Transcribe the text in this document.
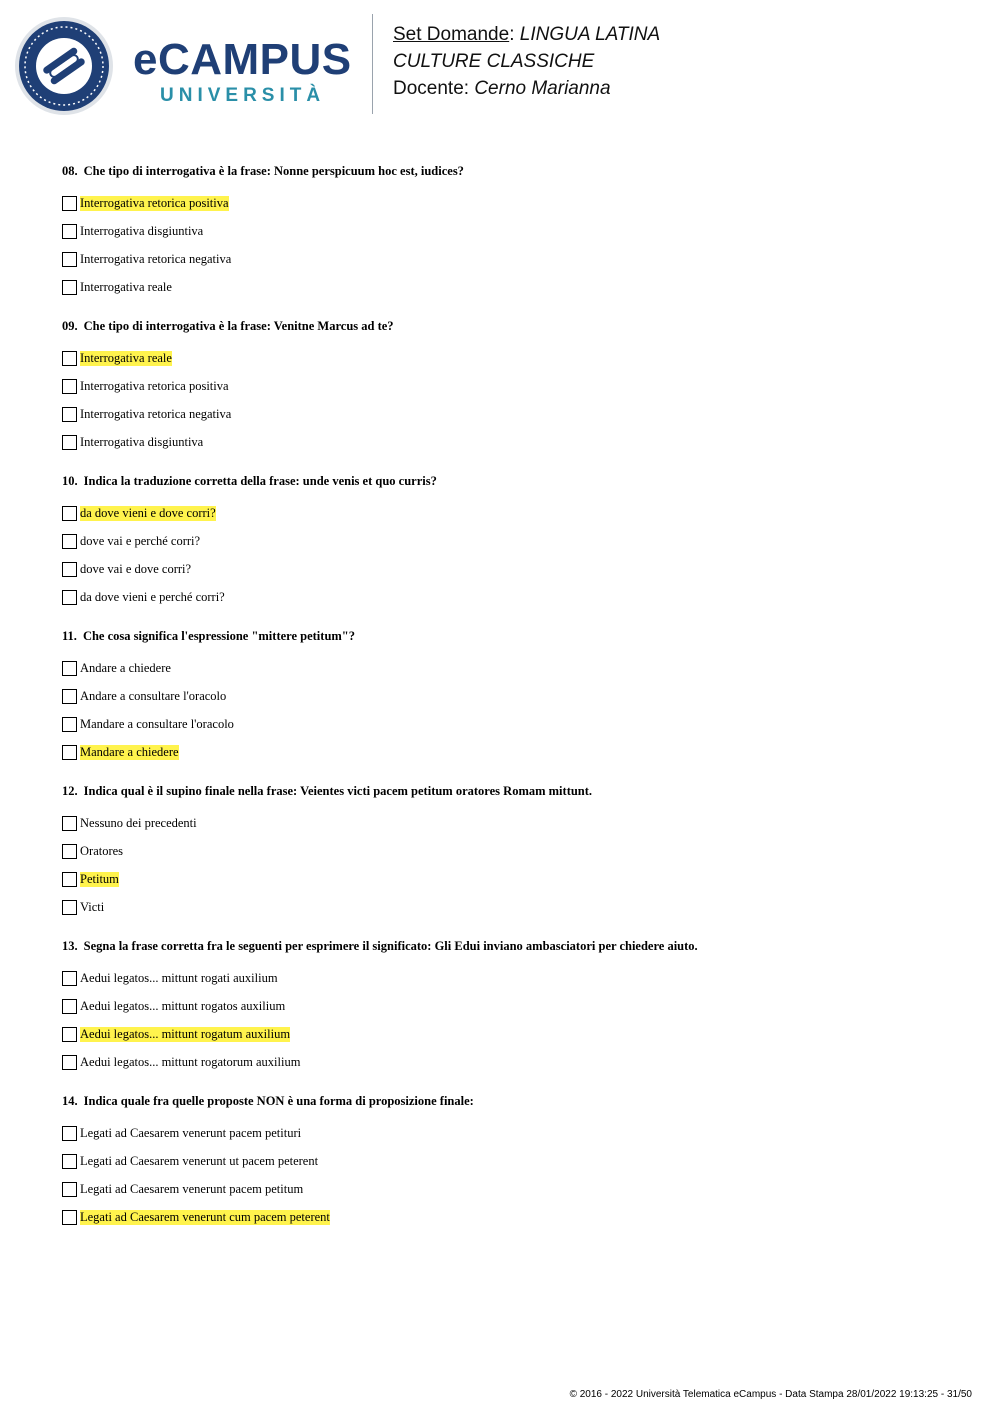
eCAMPUS
UNIVERSITÀ
Set Domande: LINGUA LATINA
CULTURE CLASSICHE
Docente: Cerno Marianna
08. Che tipo di interrogativa è la frase: Nonne perspicuum hoc est, iudices?
Interrogativa retorica positiva
Interrogativa disgiuntiva
Interrogativa retorica negativa
Interrogativa reale
09. Che tipo di interrogativa è la frase: Venitne Marcus ad te?
Interrogativa reale
Interrogativa retorica positiva
Interrogativa retorica negativa
Interrogativa disgiuntiva
10. Indica la traduzione corretta della frase: unde venis et quo curris?
da dove vieni e dove corri?
dove vai e perché corri?
dove vai e dove corri?
da dove vieni e perché corri?
11. Che cosa significa l'espressione "mittere petitum"?
Andare a chiedere
Andare a consultare l'oracolo
Mandare a consultare l'oracolo
Mandare a chiedere
12. Indica qual è il supino finale nella frase: Veientes victi pacem petitum oratores Romam mittunt.
Nessuno dei precedenti
Oratores
Petitum
Victi
13. Segna la frase corretta fra le seguenti per esprimere il significato: Gli Edui inviano ambasciatori per chiedere aiuto.
Aedui legatos... mittunt rogati auxilium
Aedui legatos... mittunt rogatos auxilium
Aedui legatos... mittunt rogatum auxilium
Aedui legatos... mittunt rogatorum auxilium
14. Indica quale fra quelle proposte NON è una forma di proposizione finale:
Legati ad Caesarem venerunt pacem petituri
Legati ad Caesarem venerunt ut pacem peterent
Legati ad Caesarem venerunt pacem petitum
Legati ad Caesarem venerunt cum pacem peterent
© 2016 - 2022 Università Telematica eCampus - Data Stampa 28/01/2022 19:13:25 - 31/50
